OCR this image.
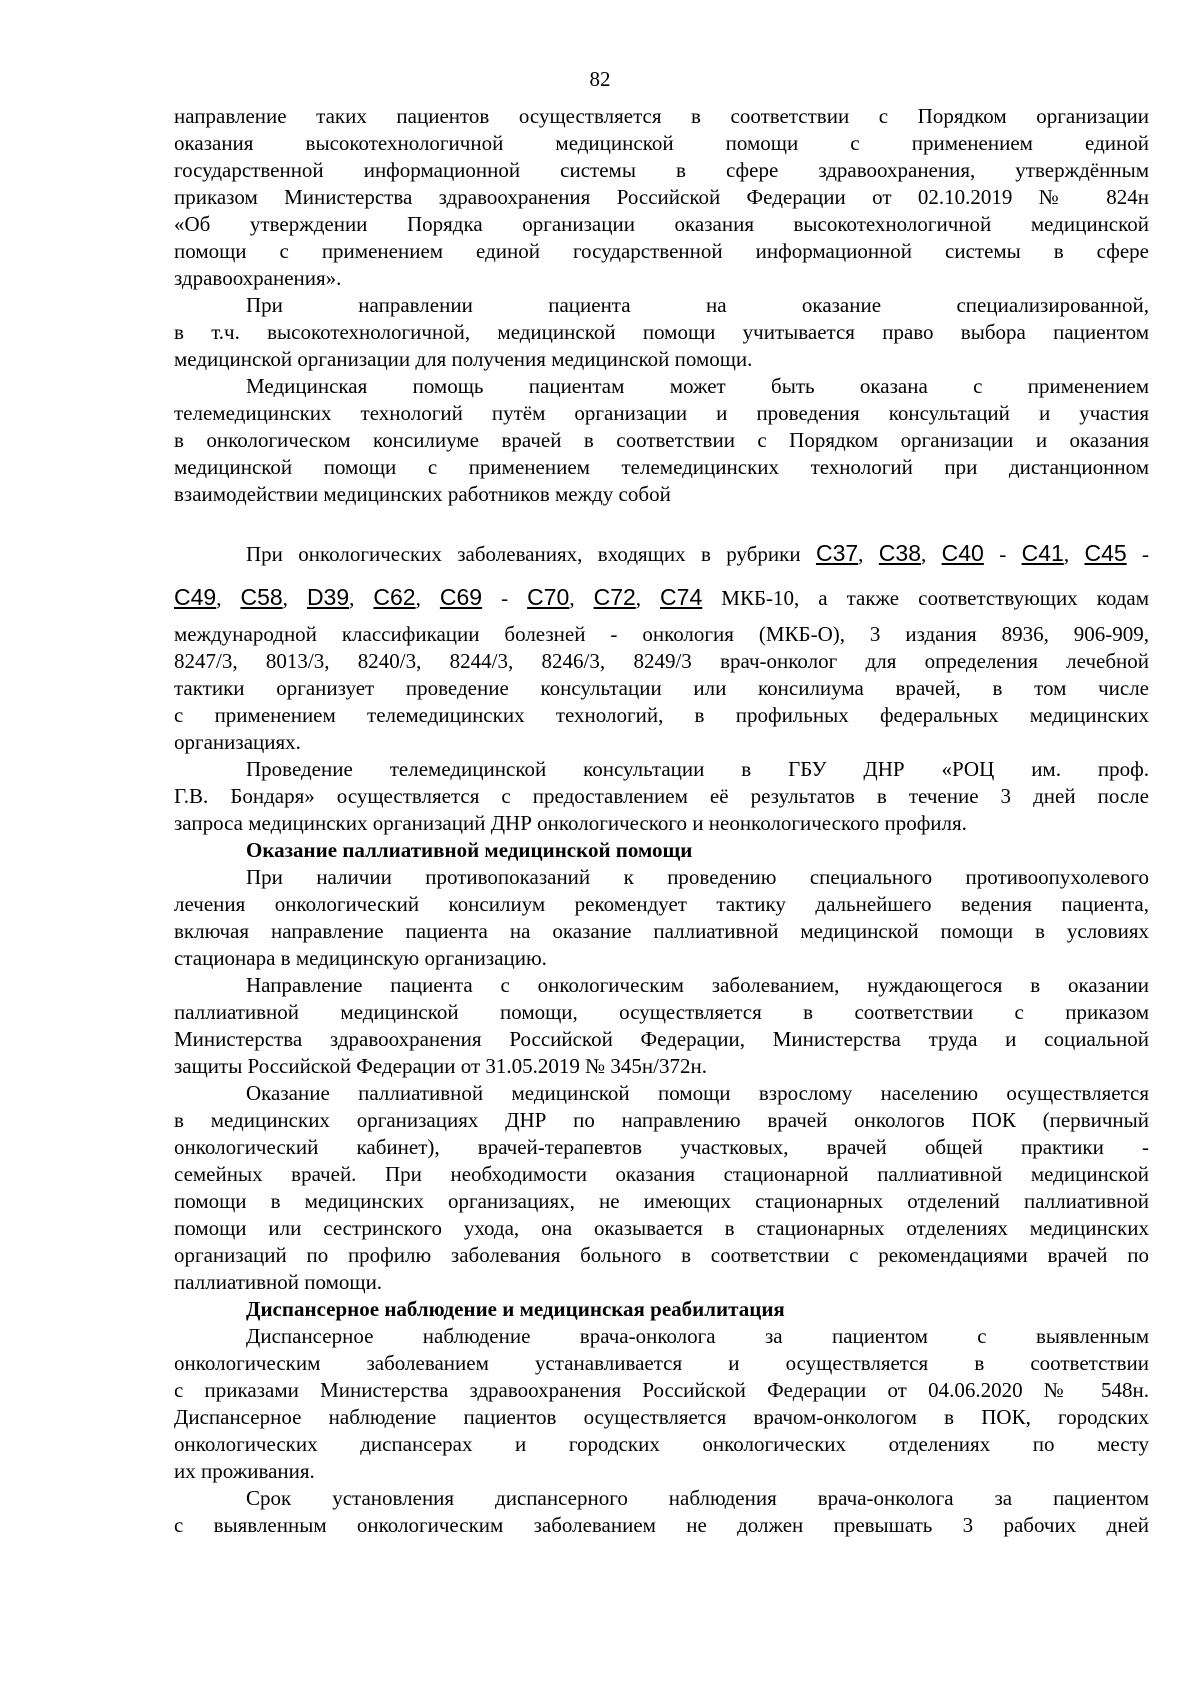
82
направление таких пациентов осуществляется в соответствии с Порядком организации
оказания высокотехнологичной медицинской помощи с применением единой
государственной информационной системы в сфере здравоохранения, утверждённым
приказом Министерства здравоохранения Российской Федерации от 02.10.2019 № 824н
«Об утверждении Порядка организации оказания высокотехнологичной медицинской
помощи с применением единой государственной информационной системы в сфере
здравоохранения».
При направлении пациента на оказание специализированной,
в т.ч. высокотехнологичной, медицинской помощи учитывается право выбора пациентом
медицинской организации для получения медицинской помощи.
Медицинская помощь пациентам может быть оказана с применением
телемедицинских технологий путём организации и проведения консультаций и участия
в онкологическом консилиуме врачей в соответствии с Порядком организации и оказания
медицинской помощи с применением телемедицинских технологий при дистанционном
взаимодействии медицинских работников между собой
При онкологических заболеваниях, входящих в рубрики C37, C38, C40 - C41, C45 -
C49, C58, D39, C62, C69 - C70, C72, C74 МКБ-10, а также соответствующих кодам
международной классификации болезней - онкология (МКБ-О), 3 издания 8936, 906-909,
8247/3, 8013/3, 8240/3, 8244/3, 8246/3, 8249/3 врач-онколог для определения лечебной
тактики организует проведение консультации или консилиума врачей, в том числе
с применением телемедицинских технологий, в профильных федеральных медицинских
организациях.
Проведение телемедицинской консультации в ГБУ ДНР «РОЦ им. проф.
Г.В. Бондаря» осуществляется с предоставлением её результатов в течение 3 дней после
запроса медицинских организаций ДНР онкологического и неонкологического профиля.
Оказание паллиативной медицинской помощи
При наличии противопоказаний к проведению специального противоопухолевого
лечения онкологический консилиум рекомендует тактику дальнейшего ведения пациента,
включая направление пациента на оказание паллиативной медицинской помощи в условиях
стационара в медицинскую организацию.
Направление пациента с онкологическим заболеванием, нуждающегося в оказании
паллиативной медицинской помощи, осуществляется в соответствии с приказом
Министерства здравоохранения Российской Федерации, Министерства труда и социальной
защиты Российской Федерации от 31.05.2019 № 345н/372н.
Оказание паллиативной медицинской помощи взрослому населению осуществляется
в медицинских организациях ДНР по направлению врачей онкологов ПОК (первичный
онкологический кабинет), врачей-терапевтов участковых, врачей общей практики -
семейных врачей. При необходимости оказания стационарной паллиативной медицинской
помощи в медицинских организациях, не имеющих стационарных отделений паллиативной
помощи или сестринского ухода, она оказывается в стационарных отделениях медицинских
организаций по профилю заболевания больного в соответствии с рекомендациями врачей по
паллиативной помощи.
Диспансерное наблюдение и медицинская реабилитация
Диспансерное наблюдение врача-онколога за пациентом с выявленным
онкологическим заболеванием устанавливается и осуществляется в соответствии
с приказами Министерства здравоохранения Российской Федерации от 04.06.2020 № 548н.
Диспансерное наблюдение пациентов осуществляется врачом-онкологом в ПОК, городских
онкологических диспансерах и городских онкологических отделениях по месту
их проживания.
Срок установления диспансерного наблюдения врача-онколога за пациентом
с выявленным онкологическим заболеванием не должен превышать 3 рабочих дней
